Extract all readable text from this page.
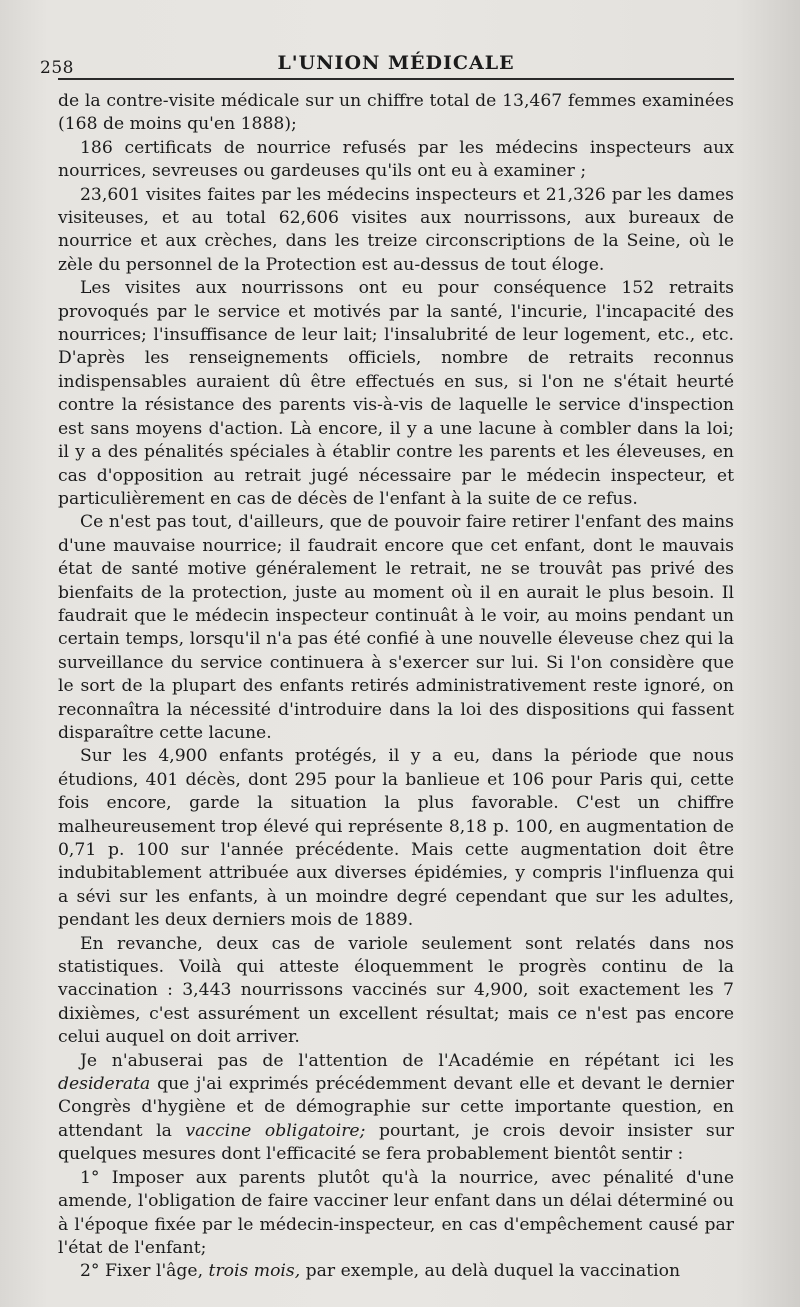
258	L'UNION MÉDICALE

de la contre-visite médicale sur un chiffre total de 13,467 femmes examinées (168 de moins qu'en 1888);

186 certificats de nourrice refusés par les médecins inspecteurs aux nourrices, sevreuses ou gardeuses qu'ils ont eu à examiner ;

23,601 visites faites par les médecins inspecteurs et 21,326 par les dames visiteuses, et au total 62,606 visites aux nourrissons, aux bureaux de nourrice et aux crèches, dans les treize circonscriptions de la Seine, où le zèle du personnel de la Protection est au-dessus de tout éloge.

Les visites aux nourrissons ont eu pour conséquence 152 retraits provoqués par le service et motivés par la santé, l'incurie, l'incapacité des nourrices; l'insuffisance de leur lait; l'insalubrité de leur logement, etc., etc. D'après les renseignements officiels, nombre de retraits reconnus indispensables auraient dû être effectués en sus, si l'on ne s'était heurté contre la résistance des parents vis-à-vis de laquelle le service d'inspection est sans moyens d'action. Là encore, il y a une lacune à combler dans la loi; il y a des pénalités spéciales à établir contre les parents et les éleveuses, en cas d'opposition au retrait jugé nécessaire par le médecin inspecteur, et particulièrement en cas de décès de l'enfant à la suite de ce refus.

Ce n'est pas tout, d'ailleurs, que de pouvoir faire retirer l'enfant des mains d'une mauvaise nourrice; il faudrait encore que cet enfant, dont le mauvais état de santé motive généralement le retrait, ne se trouvât pas privé des bienfaits de la protection, juste au moment où il en aurait le plus besoin. Il faudrait que le médecin inspecteur continuât à le voir, au moins pendant un certain temps, lorsqu'il n'a pas été confié à une nouvelle éleveuse chez qui la surveillance du service continuera à s'exercer sur lui. Si l'on considère que le sort de la plupart des enfants retirés administrativement reste ignoré, on reconnaîtra la nécessité d'introduire dans la loi des dispositions qui fassent disparaître cette lacune.

Sur les 4,900 enfants protégés, il y a eu, dans la période que nous étudions, 401 décès, dont 295 pour la banlieue et 106 pour Paris qui, cette fois encore, garde la situation la plus favorable. C'est un chiffre malheureusement trop élevé qui représente 8,18 p. 100, en augmentation de 0,71 p. 100 sur l'année précédente. Mais cette augmentation doit être indubitablement attribuée aux diverses épidémies, y compris l'influenza qui a sévi sur les enfants, à un moindre degré cependant que sur les adultes, pendant les deux derniers mois de 1889.

En revanche, deux cas de variole seulement sont relatés dans nos statistiques. Voilà qui atteste éloquemment le progrès continu de la vaccination : 3,443 nourrissons vaccinés sur 4,900, soit exactement les 7 dixièmes, c'est assurément un excellent résultat; mais ce n'est pas encore celui auquel on doit arriver.

Je n'abuserai pas de l'attention de l'Académie en répétant ici les desiderata que j'ai exprimés précédemment devant elle et devant le dernier Congrès d'hygiène et de démographie sur cette importante question, en attendant la vaccine obligatoire; pourtant, je crois devoir insister sur quelques mesures dont l'efficacité se fera probablement bientôt sentir :

1° Imposer aux parents plutôt qu'à la nourrice, avec pénalité d'une amende, l'obligation de faire vacciner leur enfant dans un délai déterminé ou à l'époque fixée par le médecin-inspecteur, en cas d'empêchement causé par l'état de l'enfant;

2° Fixer l'âge, trois mois, par exemple, au delà duquel la vaccination
